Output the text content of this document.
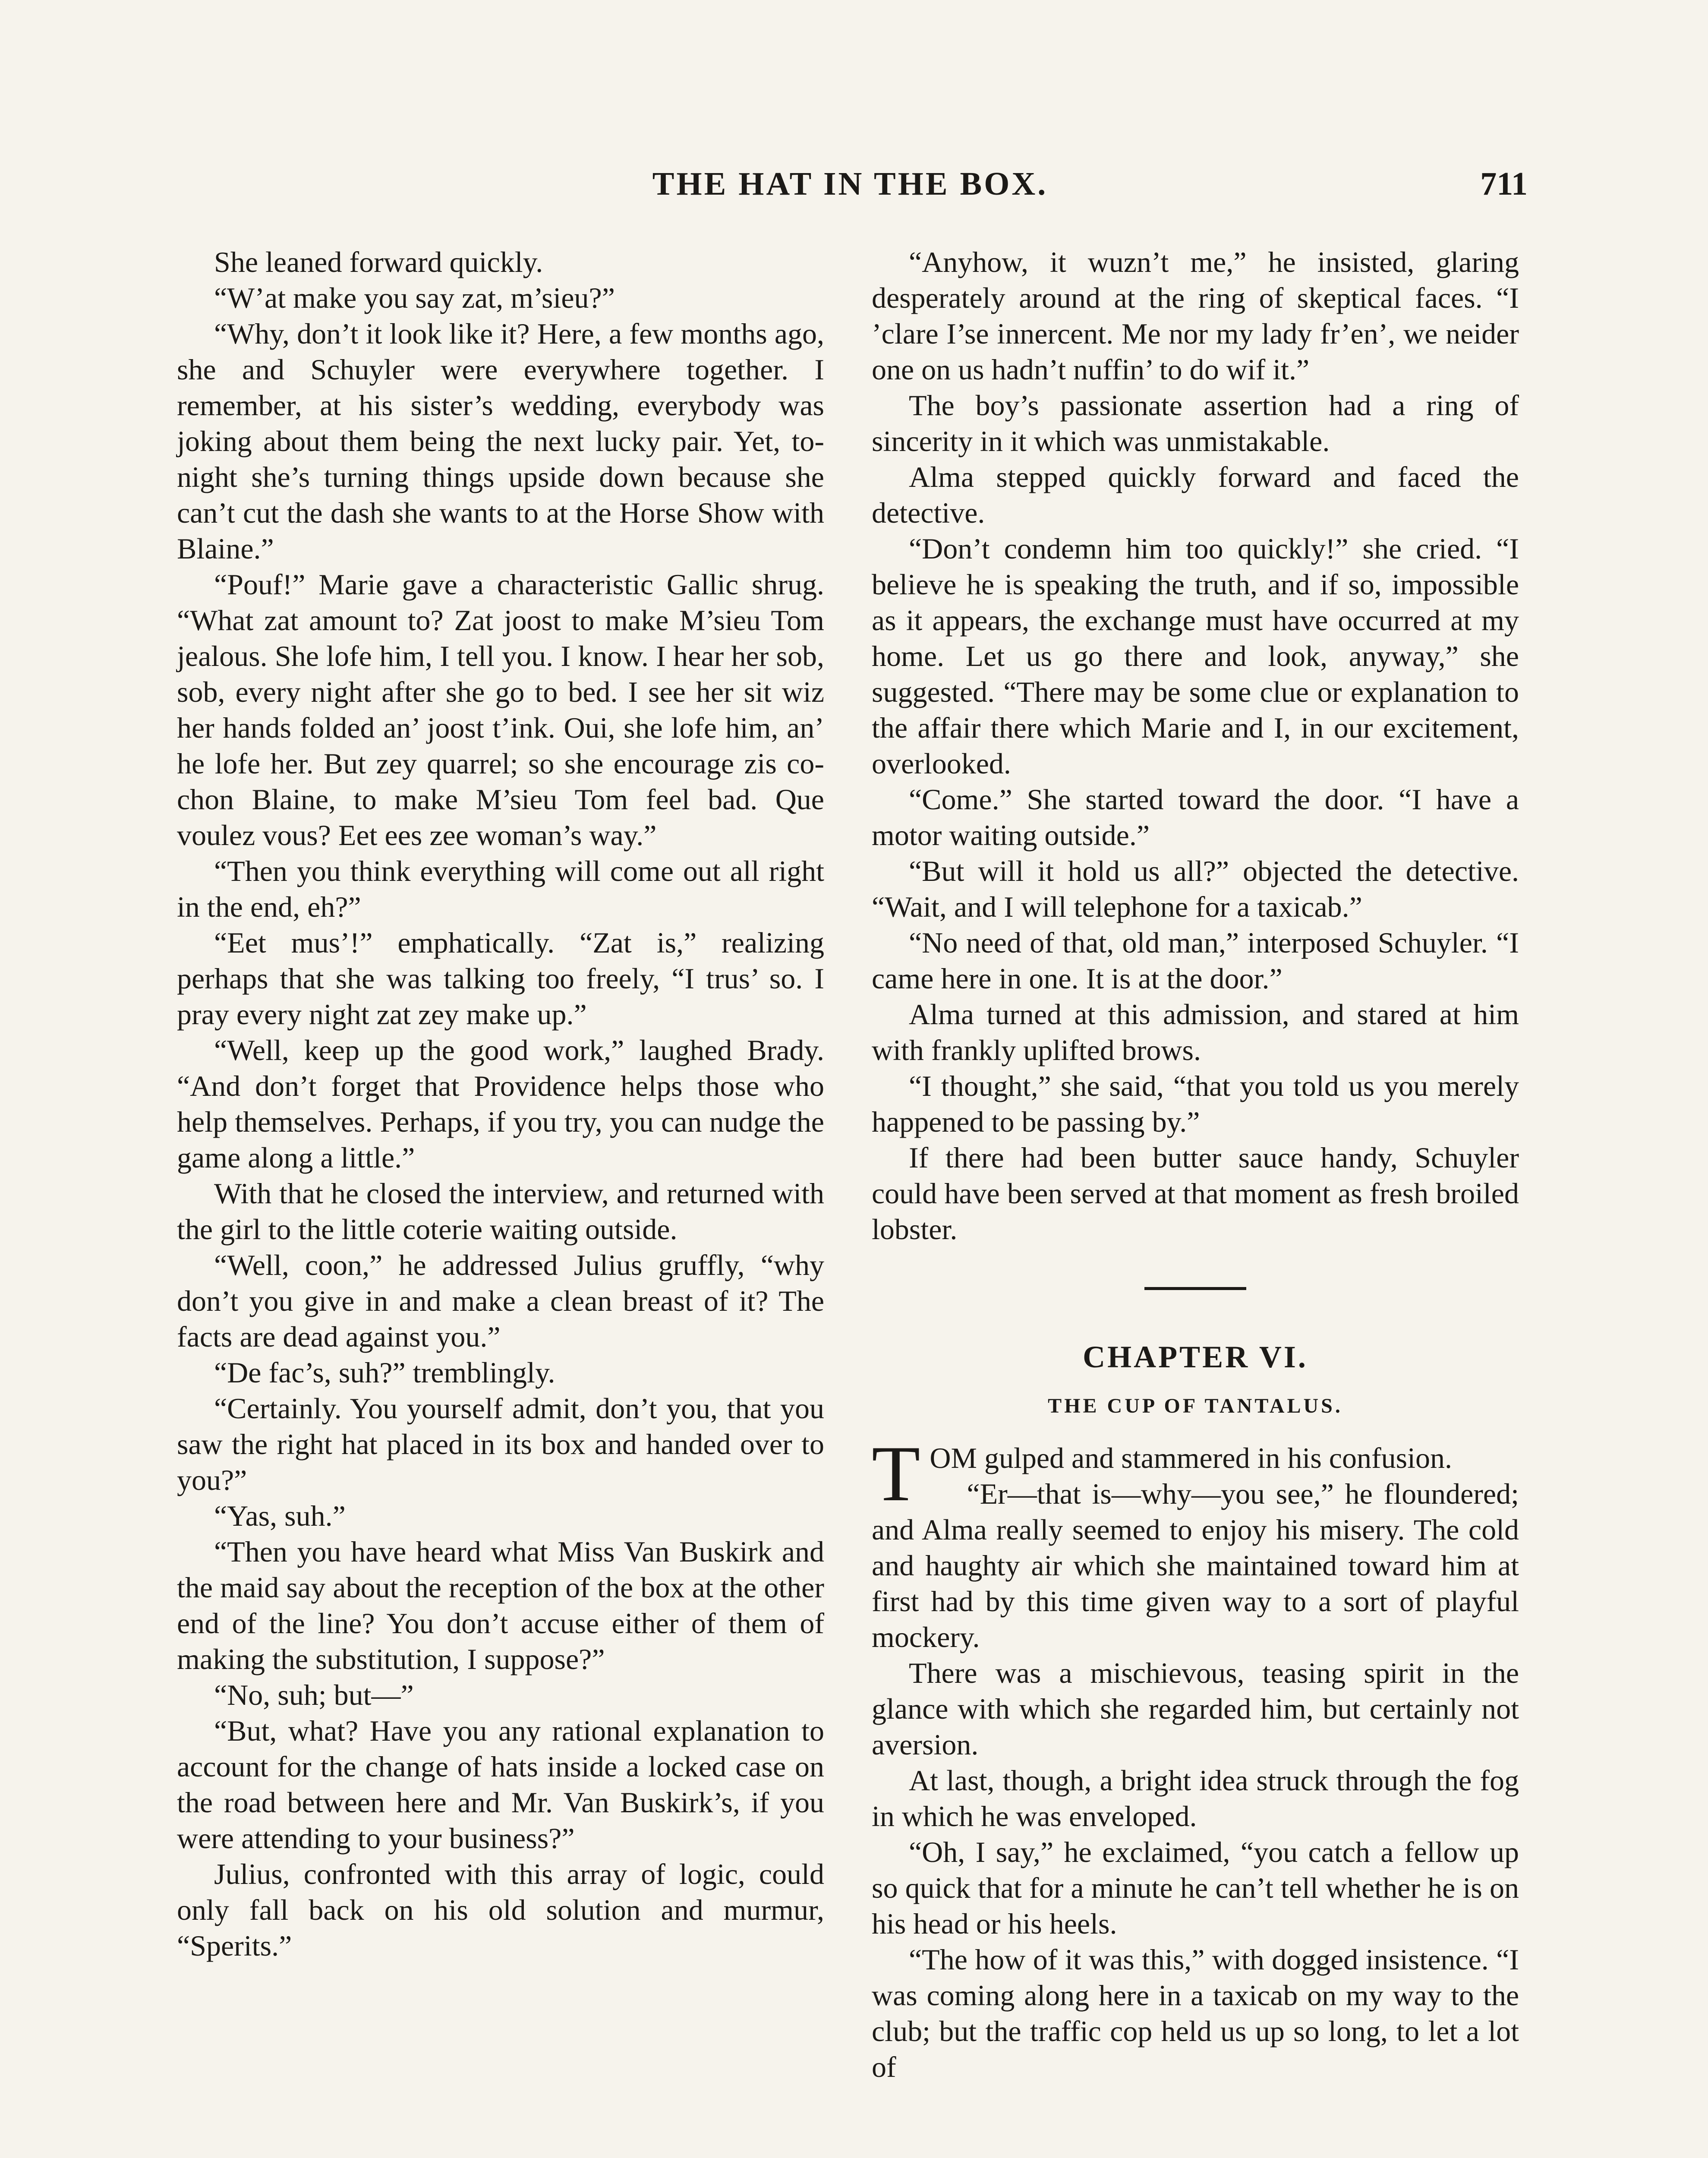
THE HAT IN THE BOX.	711

She leaned forward quickly.

“W’at make you say zat, m’sieu?”

“Why, don’t it look like it? Here, a few months ago, she and Schuyler were everywhere together. I remember, at his sister’s wedding, everybody was joking about them being the next lucky pair. Yet, to-night she’s turning things upside down because she can’t cut the dash she wants to at the Horse Show with Blaine.”

“Pouf!” Marie gave a characteristic Gallic shrug. “What zat amount to? Zat joost to make M’sieu Tom jealous. She lofe him, I tell you. I know. I hear her sob, sob, every night after she go to bed. I see her sit wiz her hands folded an’ joost t’ink. Oui, she lofe him, an’ he lofe her. But zey quarrel; so she encourage zis co-chon Blaine, to make M’sieu Tom feel bad. Que voulez vous? Eet ees zee woman’s way.”

“Then you think everything will come out all right in the end, eh?”

“Eet mus’!” emphatically. “Zat is,” realizing perhaps that she was talking too freely, “I trus’ so. I pray every night zat zey make up.”

“Well, keep up the good work,” laughed Brady. “And don’t forget that Providence helps those who help themselves. Perhaps, if you try, you can nudge the game along a little.”

With that he closed the interview, and returned with the girl to the little coterie waiting outside.

“Well, coon,” he addressed Julius gruffly, “why don’t you give in and make a clean breast of it? The facts are dead against you.”

“De fac’s, suh?” tremblingly.

“Certainly. You yourself admit, don’t you, that you saw the right hat placed in its box and handed over to you?”

“Yas, suh.”

“Then you have heard what Miss Van Buskirk and the maid say about the reception of the box at the other end of the line? You don’t accuse either of them of making the substitution, I suppose?”

“No, suh; but—”

“But, what? Have you any rational explanation to account for the change of hats inside a locked case on the road between here and Mr. Van Buskirk’s, if you were attending to your business?”

Julius, confronted with this array of logic, could only fall back on his old solution and murmur, “Sperits.”

“Anyhow, it wuzn’t me,” he insisted, glaring desperately around at the ring of skeptical faces. “I ’clare I’se innercent. Me nor my lady fr’en’, we neider one on us hadn’t nuffin’ to do wif it.”

The boy’s passionate assertion had a ring of sincerity in it which was unmistakable.

Alma stepped quickly forward and faced the detective.

“Don’t condemn him too quickly!” she cried. “I believe he is speaking the truth, and if so, impossible as it appears, the exchange must have occurred at my home. Let us go there and look, anyway,” she suggested. “There may be some clue or explanation to the affair there which Marie and I, in our excitement, overlooked.

“Come.” She started toward the door. “I have a motor waiting outside.”

“But will it hold us all?” objected the detective. “Wait, and I will telephone for a taxicab.”

“No need of that, old man,” interposed Schuyler. “I came here in one. It is at the door.”

Alma turned at this admission, and stared at him with frankly uplifted brows.

“I thought,” she said, “that you told us you merely happened to be passing by.”

If there had been butter sauce handy, Schuyler could have been served at that moment as fresh broiled lobster.

CHAPTER VI.
THE CUP OF TANTALUS.

TOM gulped and stammered in his confusion.

“Er—that is—why—you see,” he floundered; and Alma really seemed to enjoy his misery. The cold and haughty air which she maintained toward him at first had by this time given way to a sort of playful mockery.

There was a mischievous, teasing spirit in the glance with which she regarded him, but certainly not aversion.

At last, though, a bright idea struck through the fog in which he was enveloped.

“Oh, I say,” he exclaimed, “you catch a fellow up so quick that for a minute he can’t tell whether he is on his head or his heels.

“The how of it was this,” with dogged insistence. “I was coming along here in a taxicab on my way to the club; but the traffic cop held us up so long, to let a lot of
